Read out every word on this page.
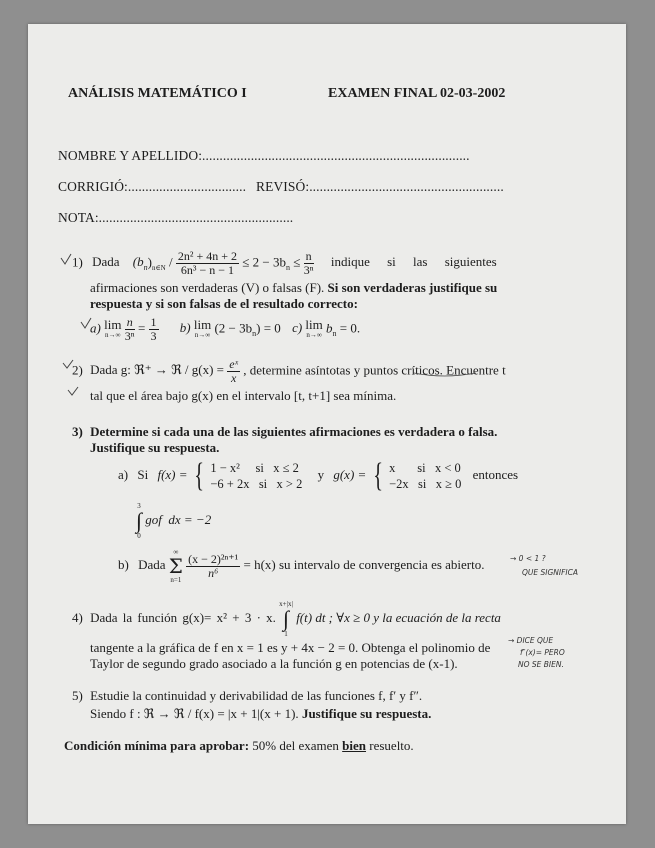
ANÁLISIS MATEMÁTICO I	EXAMEN FINAL 02-03-2002
NOMBRE Y APELLIDO:.............................................................................
CORRIGIÓ:.................................. REVISÓ:........................................................
NOTA:........................................................
1) Dada $(b_n)_{n\in N} / \frac{\text{2n² + 4n + 2}}{\text{6n³ − n − 1}} \le 2 - 3b_n \le \frac{n}{\text{3ⁿ}}$ indique si las siguientes
afirmaciones son verdaderas (V) o falsas (F). Si son verdaderas justifique su
respuesta y si son falsas de el resultado correcto:
a) lim
n→∞
$\frac{n}{\text{3ⁿ}} = \frac{1}{3} b$) lim
n→∞ $(2 - 3b_n) = 0$ c) lim
n→∞ $b_n = 0$.
2) Dada g: ℜ⁺ → ℜ / $g(x) = \frac{\text{eˣ}}{x}$ , determine asíntotas y puntos críticos. Encuentre t
tal que el área bajo g(x) en el intervalo [t, t+1] sea mínima.
3) Determine si cada una de las siguientes afirmaciones es verdadera o falsa.
Justifique su respuesta.
a) Si f(x) = { 1 − x²     si   x ≤ 2
−6 + 2x   si   x > 2
y g(x) = { x       si   x < 0
−2x   si   x ≥ 0
entonces
3
∫
0
gof  dx = −2
b) Dada
∞
Σ
n=1

$\frac{\text{(x − 2)²ⁿ⁺¹}}{\text{n⁶}} = h(x)$ su intervalo de convergencia es abierto.
4) Dada la función g(x)= x² + 3 · x.
x+|x|
∫
1
f(t) dt ; ∀x ≥ 0 y la ecuación de la recta
tangente a la gráfica de f en x = 1 es y + 4x − 2 = 0. Obtenga el polinomio de
Taylor de segundo grado asociado a la función g en potencias de (x-1).
5) Estudie la continuidad y derivabilidad de las funciones f, f′ y f″.
Siendo f : ℜ → ℜ / f(x) = |x + 1|(x + 1). Justifique su respuesta.
Condición mínima para aprobar: 50% del examen bien resuelto.
→ 0 < 1 ?
QUE SIGNIFICA
→ DICE QUE
f″(x)= PERO
NO SE BIEN.
